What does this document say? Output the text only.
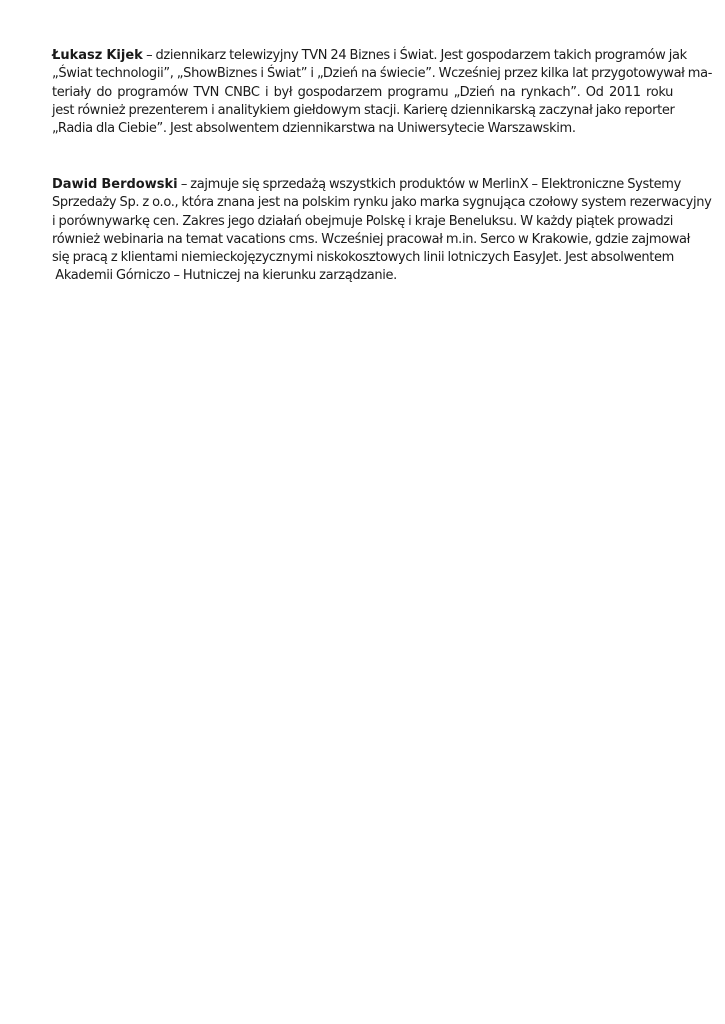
Łukasz Kijek – dziennikarz telewizyjny TVN 24 Biznes i Świat. Jest gospodarzem takich programów jak
„Świat technologii”, „ShowBiznes i Świat” i „Dzień na świecie”. Wcześniej przez kilka lat przygotowywał ma-
teriały do programów TVN CNBC i był gospodarzem programu „Dzień na rynkach”. Od 2011 roku
jest również prezenterem i analitykiem giełdowym stacji. Karierę dziennikarską zaczynał jako reporter
„Radia dla Ciebie”. Jest absolwentem dziennikarstwa na Uniwersytecie Warszawskim.

Dawid Berdowski – zajmuje się sprzedażą wszystkich produktów w MerlinX – Elektroniczne Systemy
Sprzedaży Sp. z o.o., która znana jest na polskim rynku jako marka sygnująca czołowy system rezerwacyjny
i porównywarkę cen. Zakres jego działań obejmuje Polskę i kraje Beneluksu. W każdy piątek prowadzi
również webinaria na temat vacations cms. Wcześniej pracował m.in. Serco w Krakowie, gdzie zajmował
się pracą z klientami niemieckojęzycznymi niskokosztowych linii lotniczych EasyJet. Jest absolwentem
Akademii Górniczo – Hutniczej na kierunku zarządzanie.
